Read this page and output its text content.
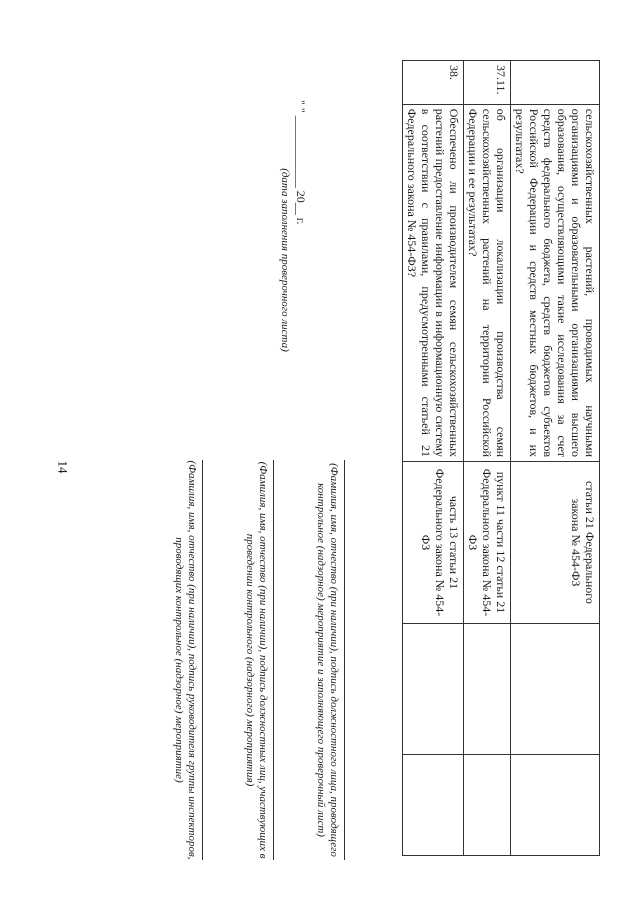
14
	сельскохозяйственных растений, проводимых научными организациями и образовательными организациями высшего образования, осуществляющими такие исследования за счет средств федерального бюджета, средств бюджетов субъектов Российской Федерации и средств местных бюджетов, и их результатах?	статьи 21 Федерального закона № 454-ФЗ		
37.11.	об организации локализации производства семян сельскохозяйственных растений на территории Российской Федерации и ее результатах?	пункт 11 части 12 статьи 21 Федерального закона № 454-ФЗ		
38.	Обеспечено ли производителем семян сельскохозяйственных растений предоставление информации в информационную систему в соответствии с правилами, предусмотренными статьей 21 Федерального закона № 454-ФЗ?	часть 13 статьи 21 Федерального закона № 454-ФЗ		
" " ____________ 20__ г.
(дата заполнения проверочного листа)
(Фамилия, имя, отчество (при наличии), подпись должностного лица, проводящего контрольное (надзорное) мероприятие и заполняющего проверочный лист)
(Фамилия, имя, отчество (при наличии), подпись должностных лиц, участвующих в проведении контрольного (надзорного) мероприятия)
(Фамилия, имя, отчество (при наличии), подпись руководителя группы инспекторов, проводящих контрольное (надзорное) мероприятие)
